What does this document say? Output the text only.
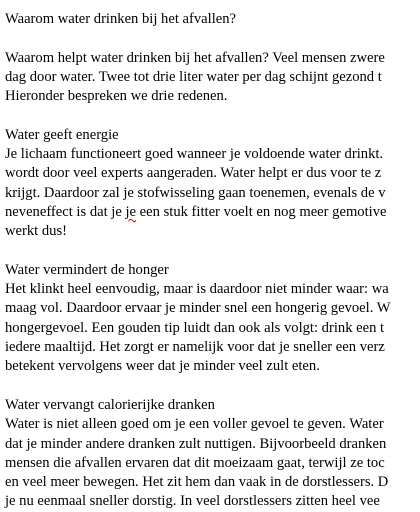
Waarom water drinken bij het afvallen?
Waarom helpt water drinken bij het afvallen? Veel mensen zwere
dag door water. Twee tot drie liter water per dag schijnt gezond t
Hieronder bespreken we drie redenen.
Water geeft energie
Je lichaam functioneert goed wanneer je voldoende water drinkt.
wordt door veel experts aangeraden. Water helpt er dus voor te z
krijgt. Daardoor zal je stofwisseling gaan toenemen, evenals de v
neveneffect is dat je je een stuk fitter voelt en nog meer gemotive
werkt dus!
Water vermindert de honger
Het klinkt heel eenvoudig, maar is daardoor niet minder waar: wa
maag vol. Daardoor ervaar je minder snel een hongerig gevoel. W
hongergevoel. Een gouden tip luidt dan ook als volgt: drink een t
iedere maaltijd. Het zorgt er namelijk voor dat je sneller een verz
betekent vervolgens weer dat je minder veel zult eten.
Water vervangt calorierijke dranken
Water is niet alleen goed om je een voller gevoel te geven. Water
dat je minder andere dranken zult nuttigen. Bijvoorbeeld dranken
mensen die afvallen ervaren dat dit moeizaam gaat, terwijl ze toc
en veel meer bewegen. Het zit hem dan vaak in de dorstlessers. D
je nu eenmaal sneller dorstig. In veel dorstlessers zitten heel vee
